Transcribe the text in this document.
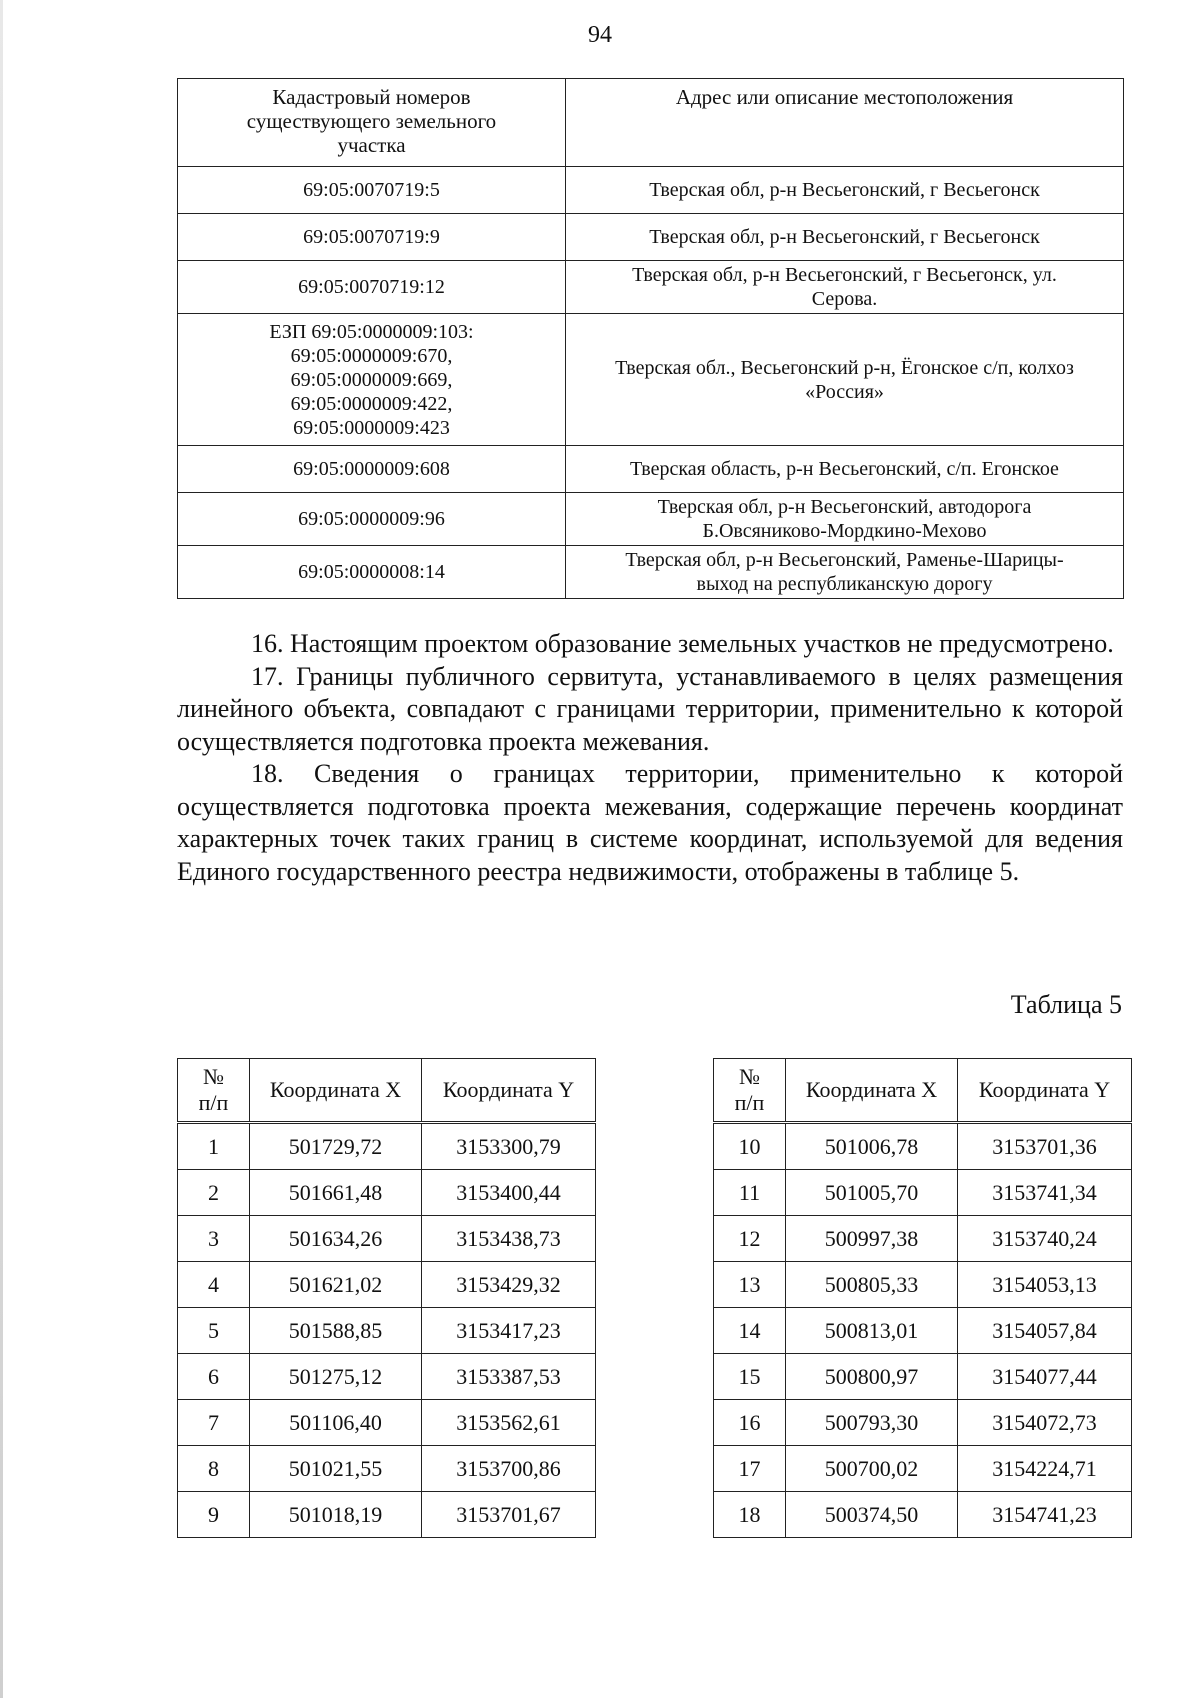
94
Кадастровый номеров
существующего земельного
участка	Адрес или описание местоположения
69:05:0070719:5	Тверская обл, р-н Весьегонский, г Весьегонск
69:05:0070719:9	Тверская обл, р-н Весьегонский, г Весьегонск
69:05:0070719:12	Тверская обл, р-н Весьегонский, г Весьегонск, ул.
Серова.
ЕЗП 69:05:0000009:103:
69:05:0000009:670,
69:05:0000009:669,
69:05:0000009:422,
69:05:0000009:423	Тверская обл., Весьегонский р-н, Ёгонское с/п, колхоз
«Россия»
69:05:0000009:608	Тверская область, р-н Весьегонский, с/п. Егонское
69:05:0000009:96	Тверская обл, р-н Весьегонский, автодорога
Б.Овсяниково-Мордкино-Мехово
69:05:0000008:14	Тверская обл, р-н Весьегонский, Раменье-Шарицы-
выход на республиканскую дорогу

16. Настоящим проектом образование земельных участков не предусмотрено.

17. Границы публичного сервитута, устанавливаемого в целях размещения линейного объекта, совпадают с границами территории, применительно к которой осуществляется подготовка проекта межевания.

18. Сведения о границах территории, применительно к которой осуществляется подготовка проекта межевания, содержащие перечень координат характерных точек таких границ в системе координат, используемой для ведения Единого государственного реестра недвижимости, отображены в таблице 5.

Таблица 5
№
п/п	Координата X	Координата Y
1	501729,72	3153300,79
2	501661,48	3153400,44
3	501634,26	3153438,73
4	501621,02	3153429,32
5	501588,85	3153417,23
6	501275,12	3153387,53
7	501106,40	3153562,61
8	501021,55	3153700,86
9	501018,19	3153701,67
№
п/п	Координата X	Координата Y
10	501006,78	3153701,36
11	501005,70	3153741,34
12	500997,38	3153740,24
13	500805,33	3154053,13
14	500813,01	3154057,84
15	500800,97	3154077,44
16	500793,30	3154072,73
17	500700,02	3154224,71
18	500374,50	3154741,23
